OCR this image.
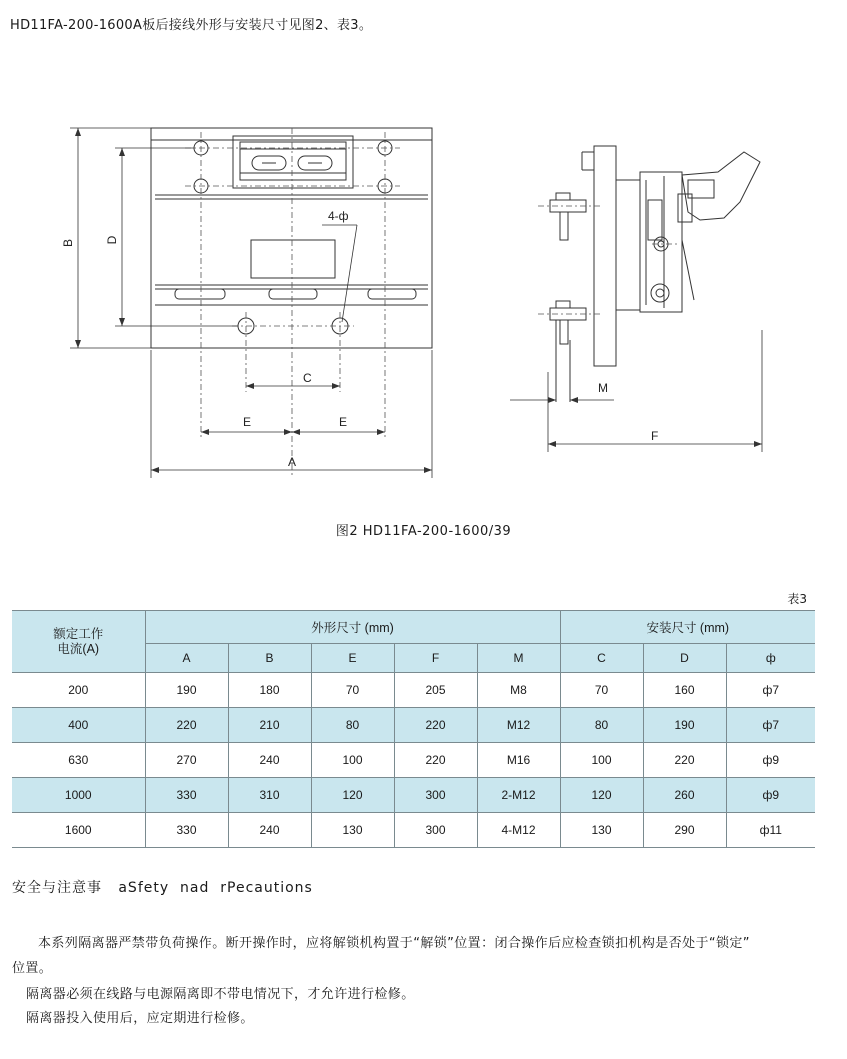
HD11FA-200-1600A板后接线外形与安装尺寸见图2、表3。
B	D
4-ф
C
E	E
A
M
F
图2 HD11FA-200-1600/39
表3
额定工作
电流(A)	外形尺寸 (mm)					安装尺寸 (mm)		
	A	B	E	F	M	C	D	ф
200	190	180	70	205	M8	70	160	ф7
400	220	210	80	220	M12	80	190	ф7
630	270	240	100	220	M16	100	220	ф9
1000	330	310	120	300	2-M12	120	260	ф9
1600	330	240	130	300	4-M12	130	290	ф11
安全与注意事   aSfety  nad  rPecautions
本系列隔离器严禁带负荷操作。断开操作时，应将解锁机构置于“解锁”位置：闭合操作后应检查锁扣机构是否处于“锁定”
位置。
隔离器必须在线路与电源隔离即不带电情况下，才允许进行检修。
隔离器投入使用后，应定期进行检修。
